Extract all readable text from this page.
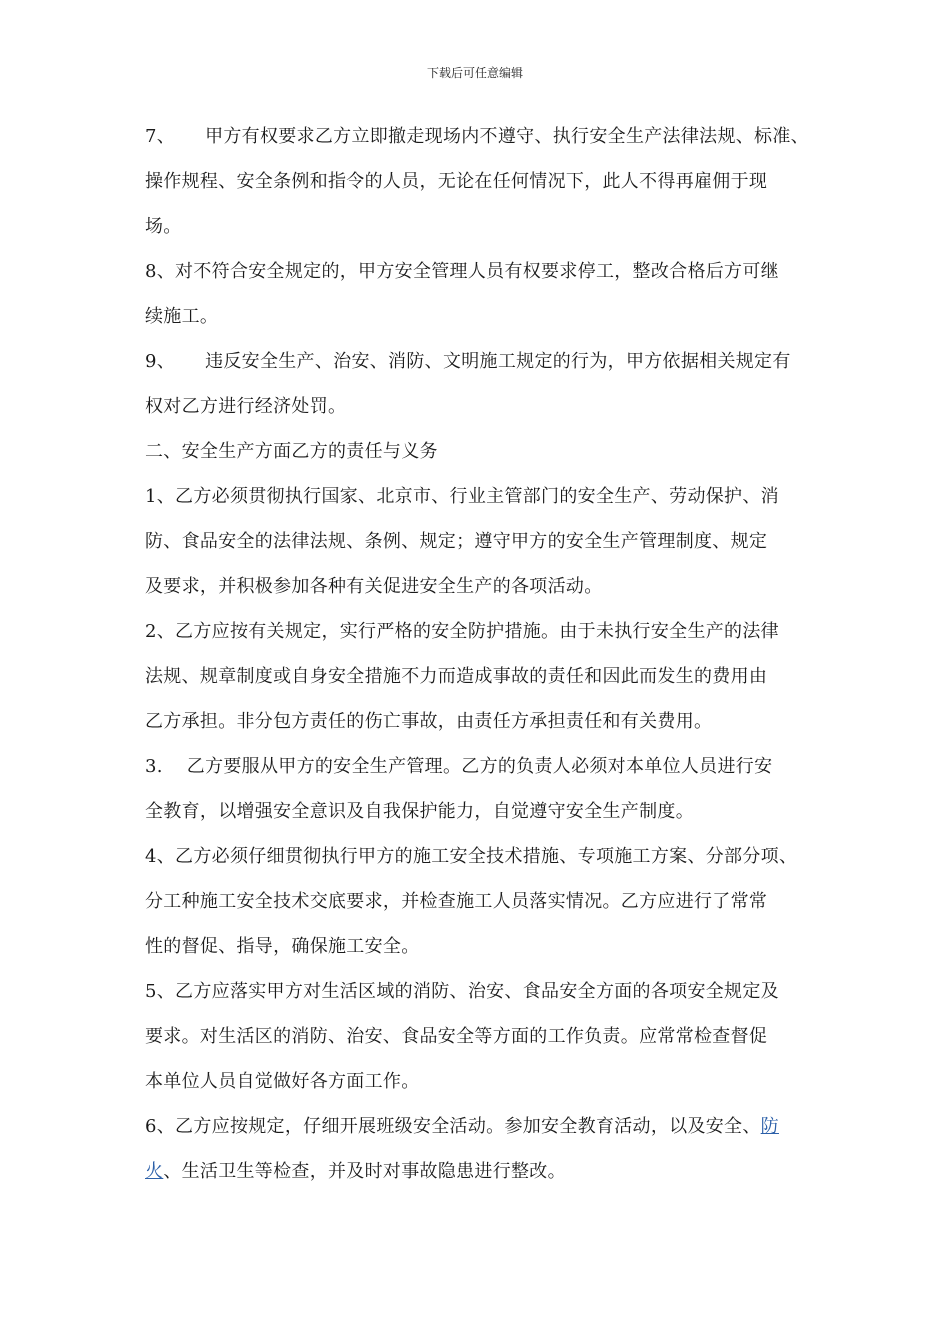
下载后可任意编辑
7、 甲方有权要求乙方立即撤走现场内不遵守、执行安全生产法律法规、标准、
操作规程、安全条例和指令的人员，无论在任何情况下，此人不得再雇佣于现
场。
8、对不符合安全规定的，甲方安全管理人员有权要求停工，整改合格后方可继
续施工。
9、 违反安全生产、治安、消防、文明施工规定的行为，甲方依据相关规定有
权对乙方进行经济处罚。
二、安全生产方面乙方的责任与义务
1、乙方必须贯彻执行国家、北京市、行业主管部门的安全生产、劳动保护、消
防、食品安全的法律法规、条例、规定；遵守甲方的安全生产管理制度、规定
及要求，并积极参加各种有关促进安全生产的各项活动。
2、乙方应按有关规定，实行严格的安全防护措施。由于未执行安全生产的法律
法规、规章制度或自身安全措施不力而造成事故的责任和因此而发生的费用由
乙方承担。非分包方责任的伤亡事故，由责任方承担责任和有关费用。
3. 乙方要服从甲方的安全生产管理。乙方的负责人必须对本单位人员进行安
全教育，以增强安全意识及自我保护能力，自觉遵守安全生产制度。
4、乙方必须仔细贯彻执行甲方的施工安全技术措施、专项施工方案、分部分项、
分工种施工安全技术交底要求，并检查施工人员落实情况。乙方应进行了常常
性的督促、指导，确保施工安全。
5、乙方应落实甲方对生活区域的消防、治安、食品安全方面的各项安全规定及
要求。对生活区的消防、治安、食品安全等方面的工作负责。应常常检查督促
本单位人员自觉做好各方面工作。
6、乙方应按规定，仔细开展班级安全活动。参加安全教育活动，以及安全、防
火、生活卫生等检查，并及时对事故隐患进行整改。
